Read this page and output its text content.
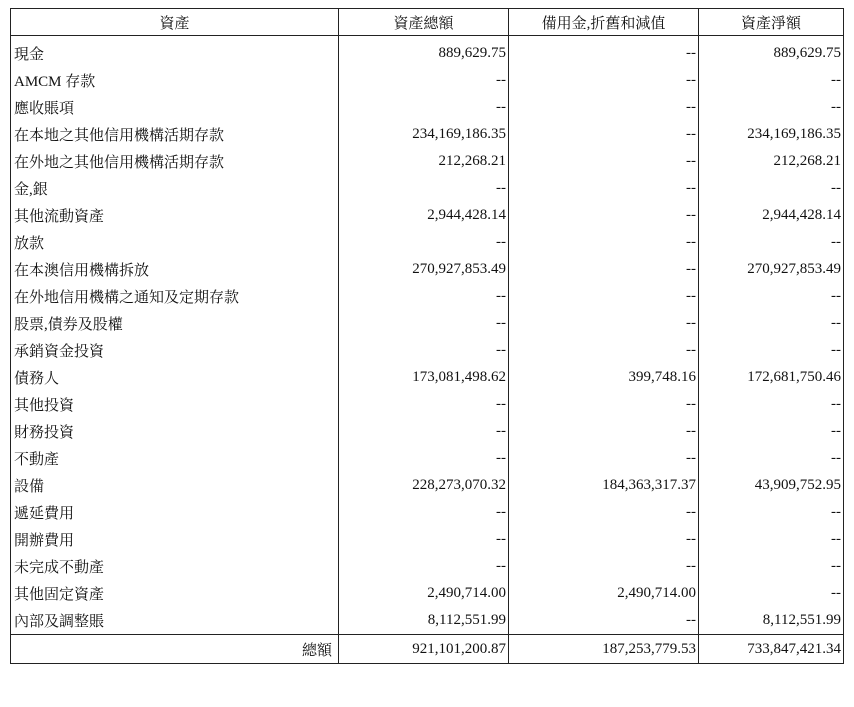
資產	資產總額	備用金,折舊和減值	資產淨額
現金	889,629.75	--	889,629.75
AMCM 存款	--	--	--
應收賬項	--	--	--
在本地之其他信用機構活期存款	234,169,186.35	--	234,169,186.35
在外地之其他信用機構活期存款	212,268.21	--	212,268.21
金,銀	--	--	--
其他流動資產	2,944,428.14	--	2,944,428.14
放款	--	--	--
在本澳信用機構拆放	270,927,853.49	--	270,927,853.49
在外地信用機構之通知及定期存款	--	--	--
股票,債券及股權	--	--	--
承銷資金投資	--	--	--
債務人	173,081,498.62	399,748.16	172,681,750.46
其他投資	--	--	--
財務投資	--	--	--
不動產	--	--	--
設備	228,273,070.32	184,363,317.37	43,909,752.95
遞延費用	--	--	--
開辦費用	--	--	--
未完成不動產	--	--	--
其他固定資產	2,490,714.00	2,490,714.00	--
內部及調整賬	8,112,551.99	--	8,112,551.99
總額	921,101,200.87	187,253,779.53	733,847,421.34
